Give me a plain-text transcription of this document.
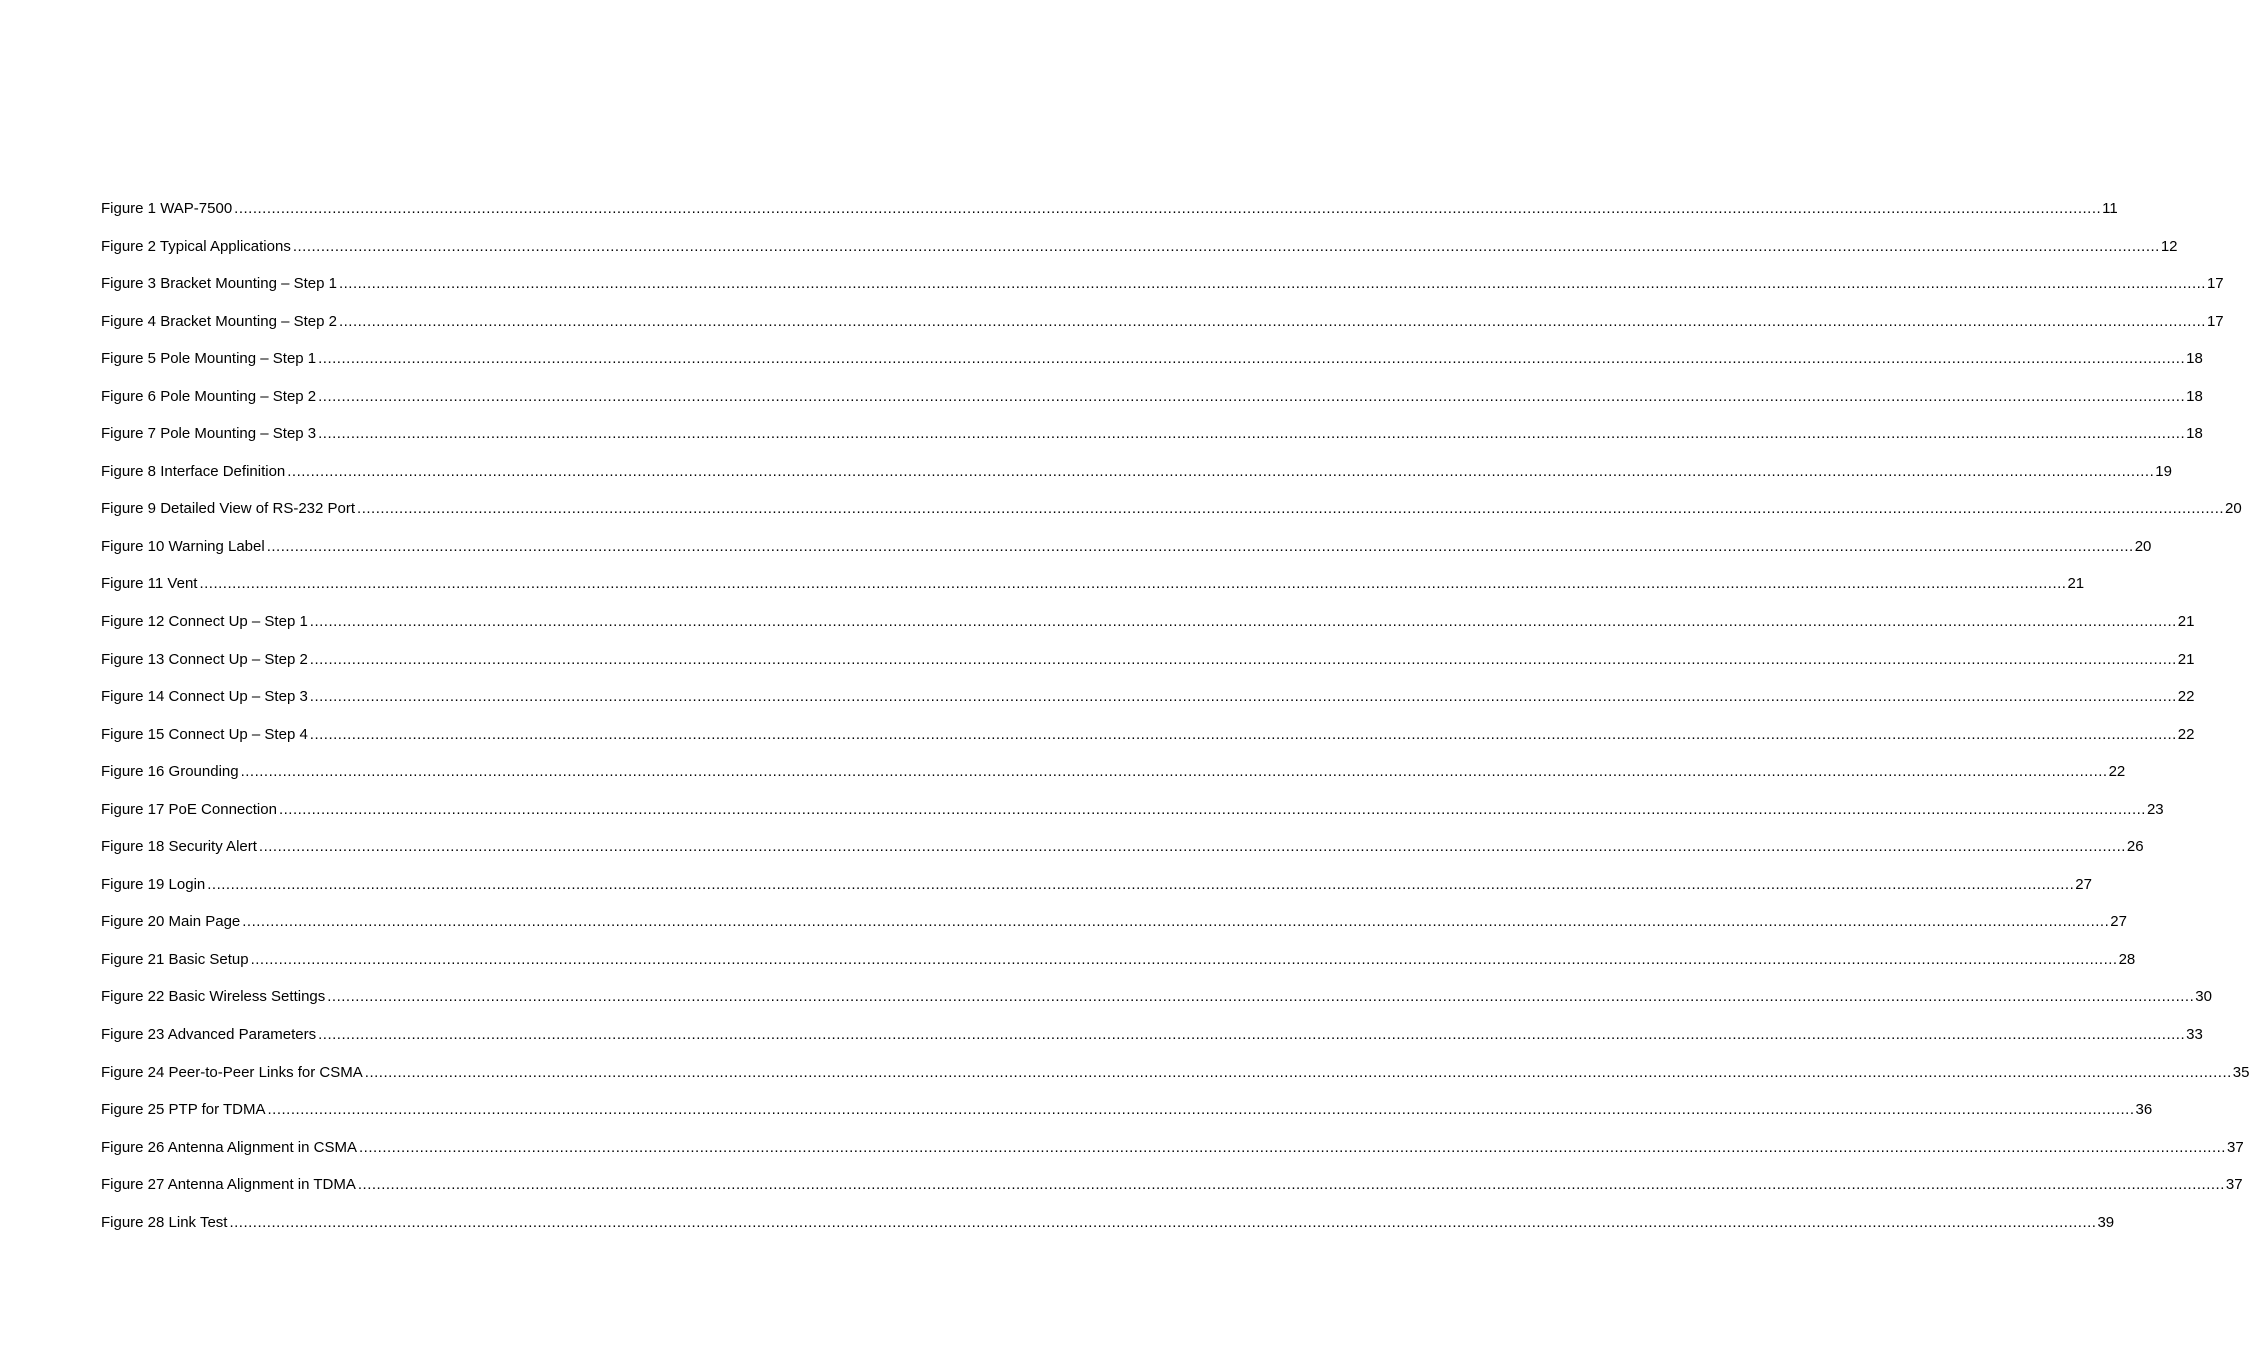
Figure 1 WAP-7500 ................................................................................................................................................................................................................................................................................................................................................................................................................ 11
Figure 2 Typical Applications ................................................................................................................................................................................................................................................................................................................................................................................................................ 12
Figure 3 Bracket Mounting – Step 1 ................................................................................................................................................................................................................................................................................................................................................................................................................ 17
Figure 4 Bracket Mounting – Step 2 ................................................................................................................................................................................................................................................................................................................................................................................................................ 17
Figure 5 Pole Mounting – Step 1 ................................................................................................................................................................................................................................................................................................................................................................................................................ 18
Figure 6 Pole Mounting – Step 2 ................................................................................................................................................................................................................................................................................................................................................................................................................ 18
Figure 7 Pole Mounting – Step 3 ................................................................................................................................................................................................................................................................................................................................................................................................................ 18
Figure 8 Interface Definition ................................................................................................................................................................................................................................................................................................................................................................................................................ 19
Figure 9 Detailed View of RS-232 Port ................................................................................................................................................................................................................................................................................................................................................................................................................ 20
Figure 10 Warning Label ................................................................................................................................................................................................................................................................................................................................................................................................................ 20
Figure 11 Vent ................................................................................................................................................................................................................................................................................................................................................................................................................ 21
Figure 12 Connect Up – Step 1 ................................................................................................................................................................................................................................................................................................................................................................................................................ 21
Figure 13 Connect Up – Step 2 ................................................................................................................................................................................................................................................................................................................................................................................................................ 21
Figure 14 Connect Up – Step 3 ................................................................................................................................................................................................................................................................................................................................................................................................................ 22
Figure 15 Connect Up – Step 4 ................................................................................................................................................................................................................................................................................................................................................................................................................ 22
Figure 16 Grounding ................................................................................................................................................................................................................................................................................................................................................................................................................ 22
Figure 17 PoE Connection ................................................................................................................................................................................................................................................................................................................................................................................................................ 23
Figure 18 Security Alert ................................................................................................................................................................................................................................................................................................................................................................................................................ 26
Figure 19 Login ................................................................................................................................................................................................................................................................................................................................................................................................................ 27
Figure 20 Main Page ................................................................................................................................................................................................................................................................................................................................................................................................................ 27
Figure 21 Basic Setup ................................................................................................................................................................................................................................................................................................................................................................................................................ 28
Figure 22 Basic Wireless Settings ................................................................................................................................................................................................................................................................................................................................................................................................................ 30
Figure 23 Advanced Parameters ................................................................................................................................................................................................................................................................................................................................................................................................................ 33
Figure 24 Peer-to-Peer Links for CSMA ................................................................................................................................................................................................................................................................................................................................................................................................................ 35
Figure 25 PTP for TDMA ................................................................................................................................................................................................................................................................................................................................................................................................................ 36
Figure 26 Antenna Alignment in CSMA ................................................................................................................................................................................................................................................................................................................................................................................................................ 37
Figure 27 Antenna Alignment in TDMA ................................................................................................................................................................................................................................................................................................................................................................................................................ 37
Figure 28 Link Test ................................................................................................................................................................................................................................................................................................................................................................................................................ 39
